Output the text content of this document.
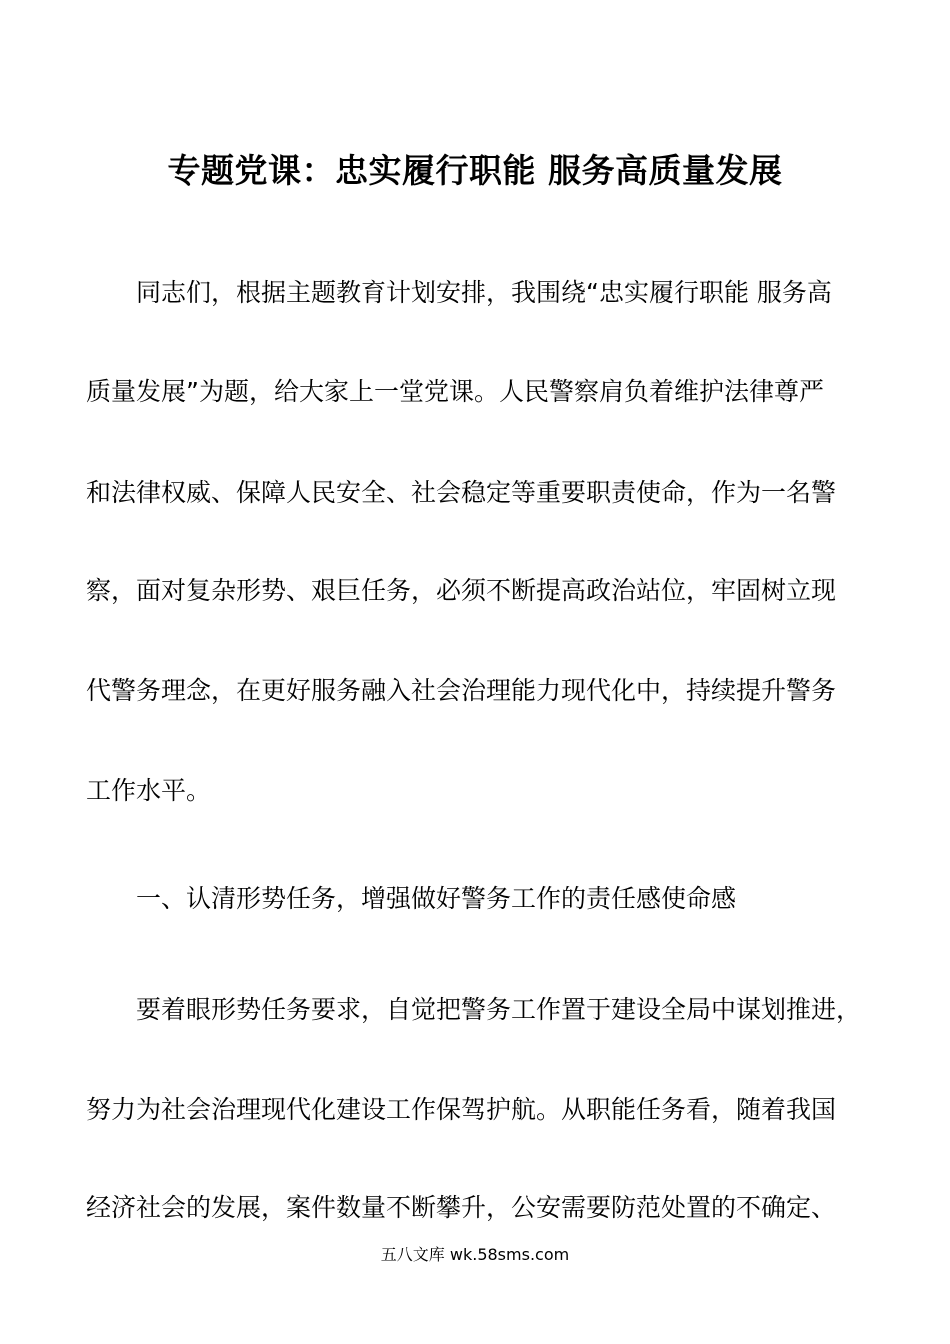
专题党课：忠实履行职能 服务高质量发展
　　同志们，根据主题教育计划安排，我围绕“忠实履行职能 服务高
质量发展”为题，给大家上一堂党课。人民警察肩负着维护法律尊严
和法律权威、保障人民安全、社会稳定等重要职责使命，作为一名警
察，面对复杂形势、艰巨任务，必须不断提高政治站位，牢固树立现
代警务理念，在更好服务融入社会治理能力现代化中，持续提升警务
工作水平。
　　一、认清形势任务，增强做好警务工作的责任感使命感
　　要着眼形势任务要求，自觉把警务工作置于建设全局中谋划推进，
努力为社会治理现代化建设工作保驾护航。从职能任务看，随着我国
经济社会的发展，案件数量不断攀升，公安需要防范处置的不确定、
五八文库 wk.58sms.com
